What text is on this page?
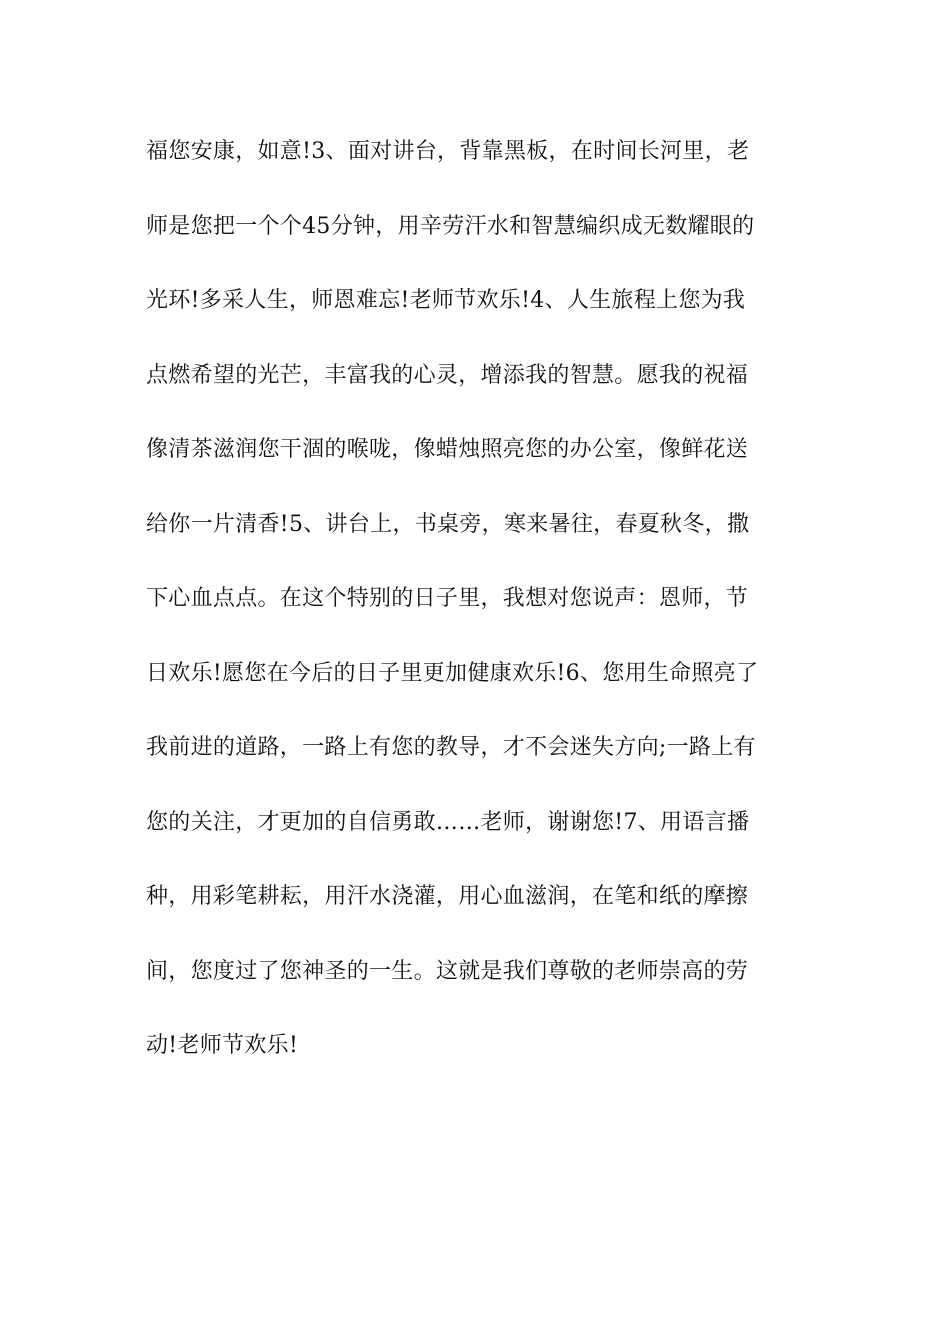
福您安康，如意!3、面对讲台，背靠黑板，在时间长河里，老
师是您把一个个45分钟，用辛劳汗水和智慧编织成无数耀眼的
光环!多采人生，师恩难忘!老师节欢乐!4、人生旅程上您为我
点燃希望的光芒，丰富我的心灵，增添我的智慧。愿我的祝福
像清茶滋润您干涸的喉咙，像蜡烛照亮您的办公室，像鲜花送
给你一片清香!5、讲台上，书桌旁，寒来暑往，春夏秋冬，撒
下心血点点。在这个特别的日子里，我想对您说声：恩师，节
日欢乐!愿您在今后的日子里更加健康欢乐!6、您用生命照亮了
我前进的道路，一路上有您的教导，才不会迷失方向;一路上有
您的关注，才更加的自信勇敢……老师，谢谢您!7、用语言播
种，用彩笔耕耘，用汗水浇灌，用心血滋润，在笔和纸的摩擦
间，您度过了您神圣的一生。这就是我们尊敬的老师崇高的劳
动!老师节欢乐!
